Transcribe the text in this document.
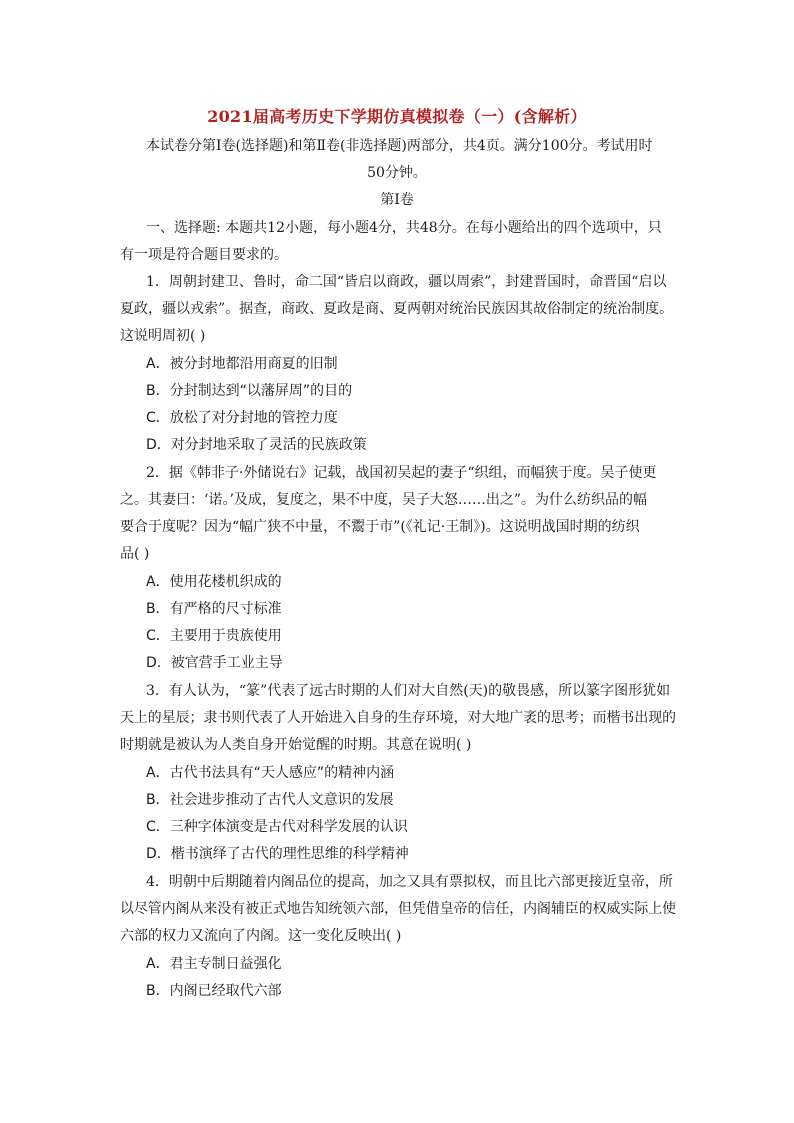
2021届高考历史下学期仿真模拟卷（一）(含解析）
本试卷分第Ⅰ卷(选择题)和第Ⅱ卷(非选择题)两部分，共4页。满分100分。考试用时
50分钟。
第Ⅰ卷
一、选择题: 本题共12小题，每小题4分，共48分。在每小题给出的四个选项中，只
有一项是符合题目要求的。
1．周朝封建卫、鲁时，命二国“皆启以商政，疆以周索”，封建晋国时，命晋国“启以
夏政，疆以戎索”。据查，商政、夏政是商、夏两朝对统治民族因其故俗制定的统治制度。
这说明周初( )
A．被分封地都沿用商夏的旧制
B．分封制达到“以藩屏周”的目的
C．放松了对分封地的管控力度
D．对分封地采取了灵活的民族政策
2．据《韩非子·外储说右》记载，战国初吴起的妻子“织组，而幅狭于度。吴子使更
之。其妻曰：‘诺。’及成，复度之，果不中度，吴子大怒……出之”。为什么纺织品的幅
要合于度呢？因为“幅广狭不中量，不鬻于市”(《礼记·王制》)。这说明战国时期的纺织
品( )
A．使用花楼机织成的
B．有严格的尺寸标准
C．主要用于贵族使用
D．被官营手工业主导
3．有人认为，“篆”代表了远古时期的人们对大自然(天)的敬畏感，所以篆字图形犹如
天上的星辰；隶书则代表了人开始进入自身的生存环境，对大地广袤的思考；而楷书出现的
时期就是被认为人类自身开始觉醒的时期。其意在说明( )
A．古代书法具有“天人感应”的精神内涵
B．社会进步推动了古代人文意识的发展
C．三种字体演变是古代对科学发展的认识
D．楷书演绎了古代的理性思维的科学精神
4．明朝中后期随着内阁品位的提高，加之又具有票拟权，而且比六部更接近皇帝，所
以尽管内阁从来没有被正式地告知统领六部，但凭借皇帝的信任，内阁辅臣的权威实际上使
六部的权力又流向了内阁。这一变化反映出( )
A．君主专制日益强化
B．内阁已经取代六部
